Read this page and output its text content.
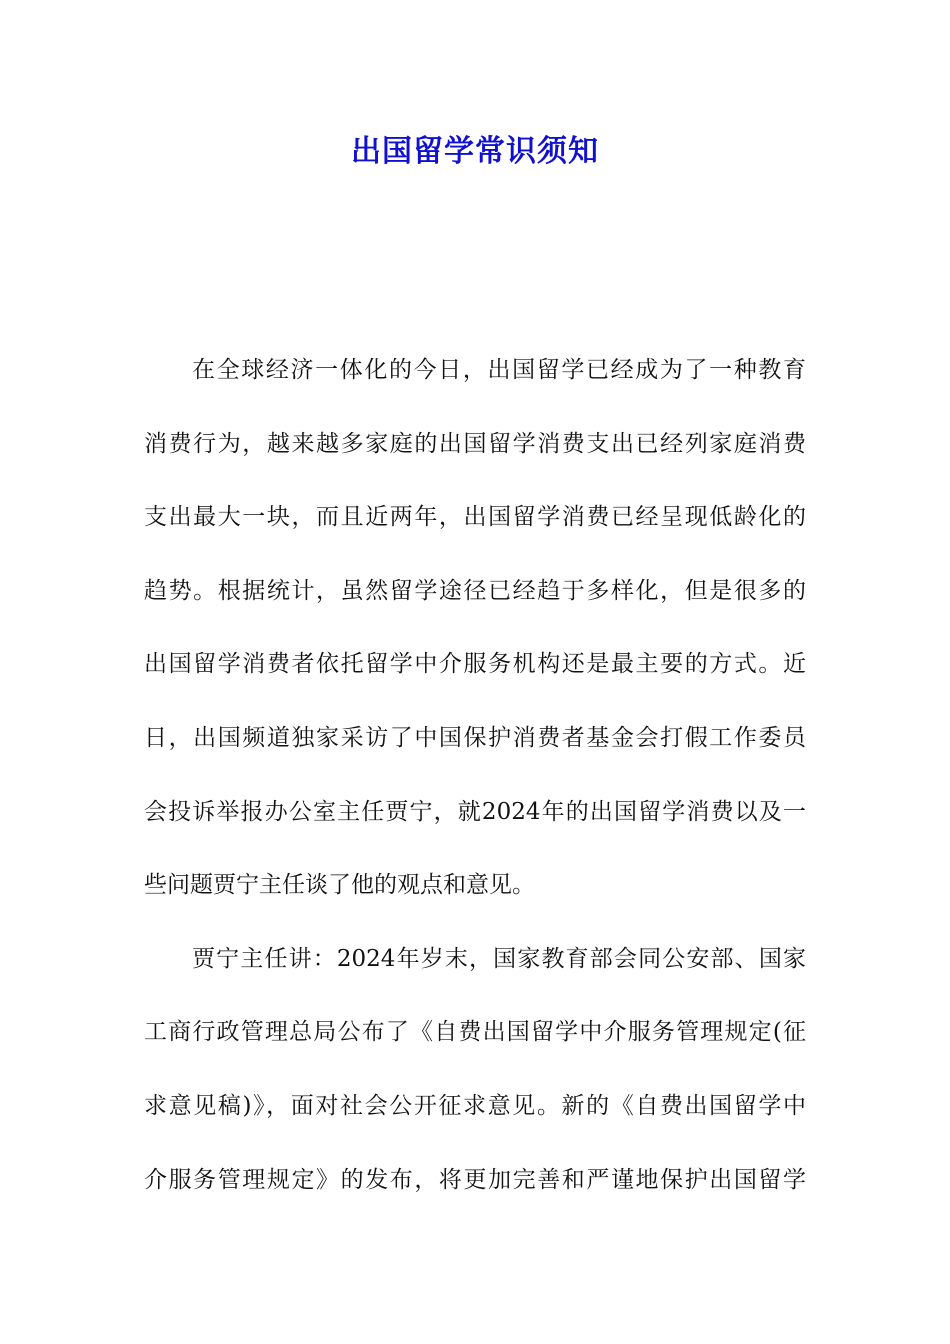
出国留学常识须知
在全球经济一体化的今日，出国留学已经成为了一种教育
消费行为，越来越多家庭的出国留学消费支出已经列家庭消费
支出最大一块，而且近两年，出国留学消费已经呈现低龄化的
趋势。根据统计，虽然留学途径已经趋于多样化，但是很多的
出国留学消费者依托留学中介服务机构还是最主要的方式。近
日，出国频道独家采访了中国保护消费者基金会打假工作委员
会投诉举报办公室主任贾宁，就2024年的出国留学消费以及一
些问题贾宁主任谈了他的观点和意见。
贾宁主任讲：2024年岁末，国家教育部会同公安部、国家
工商行政管理总局公布了《自费出国留学中介服务管理规定(征
求意见稿)》，面对社会公开征求意见。新的《自费出国留学中
介服务管理规定》的发布，将更加完善和严谨地保护出国留学
